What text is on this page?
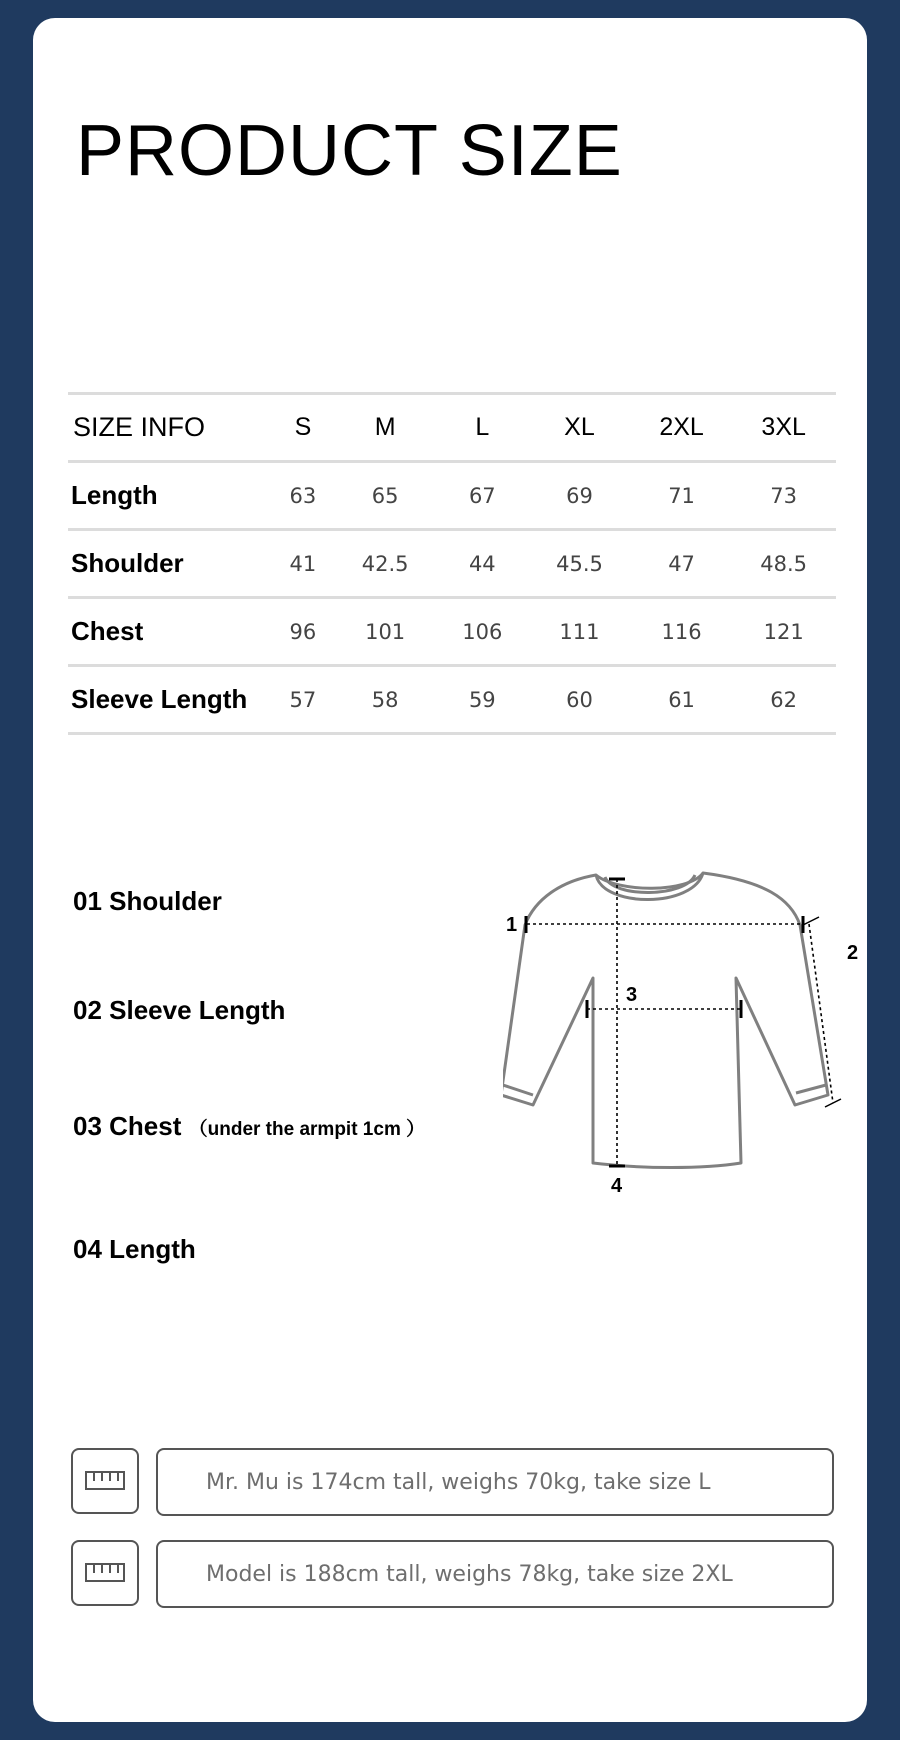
PRODUCT SIZE
SIZE INFO	S	M	L	XL	2XL	3XL
Length	63	65	67	69	71	73
Shoulder	41	42.5	44	45.5	47	48.5
Chest	96	101	106	111	116	121
Sleeve Length	57	58	59	60	61	62
01 Shoulder
02 Sleeve Length
03 Chest （under the armpit 1cm ）
04 Length
1
2
3
4
Mr. Mu is 174cm tall, weighs 70kg, take size L
Model is 188cm tall, weighs 78kg, take size 2XL
